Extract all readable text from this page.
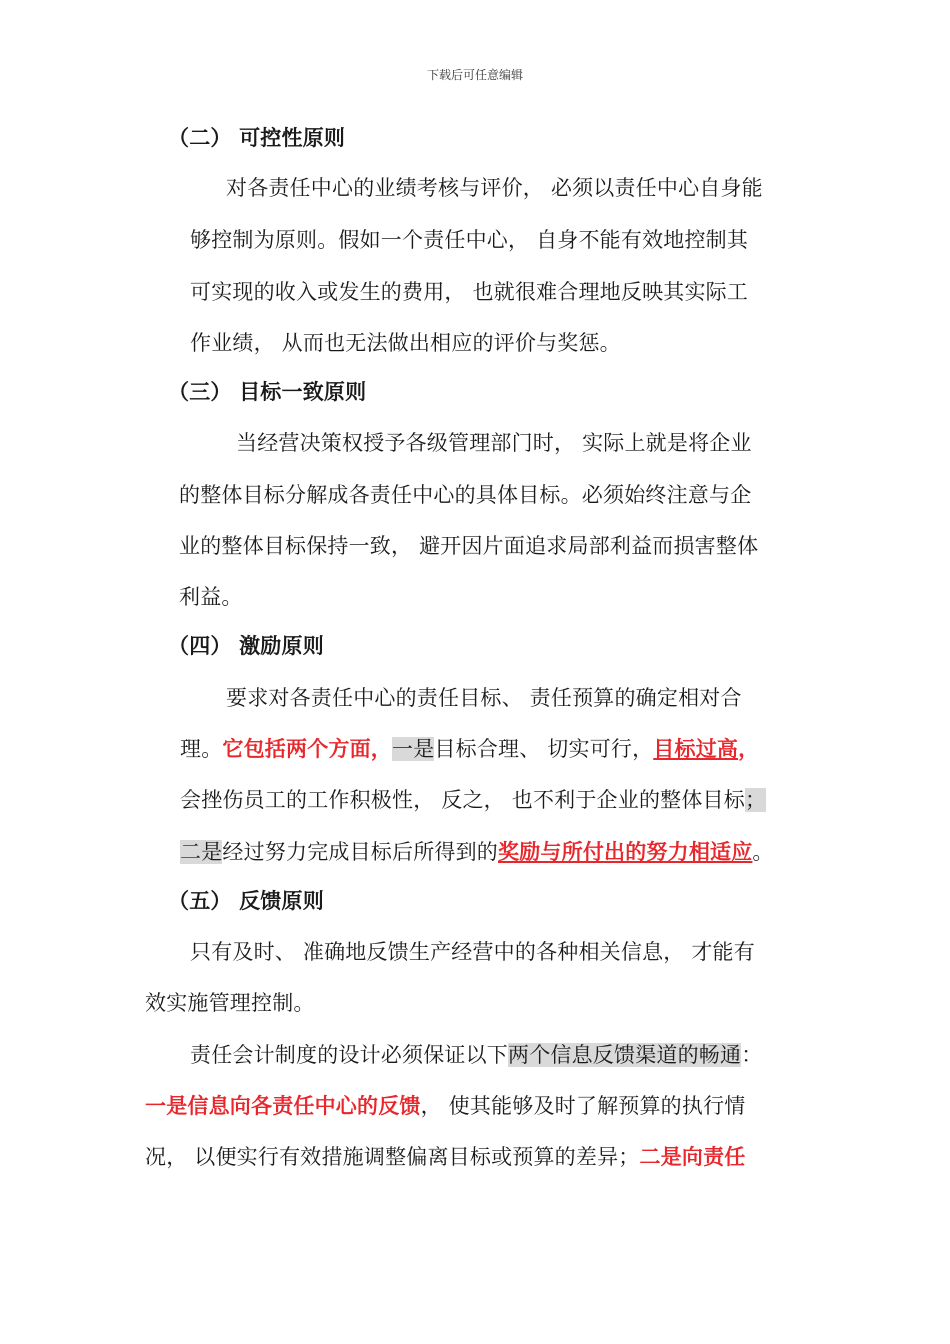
下载后可任意编辑
（二） 可控性原则
对各责任中心的业绩考核与评价， 必须以责任中心自身能
够控制为原则。假如一个责任中心， 自身不能有效地控制其
可实现的收入或发生的费用， 也就很难合理地反映其实际工
作业绩， 从而也无法做出相应的评价与奖惩。
（三） 目标一致原则
当经营决策权授予各级管理部门时， 实际上就是将企业
的整体目标分解成各责任中心的具体目标。必须始终注意与企
业的整体目标保持一致， 避开因片面追求局部利益而损害整体
利益。
（四） 激励原则
要求对各责任中心的责任目标、 责任预算的确定相对合
理。它包括两个方面，一是目标合理、 切实可行，目标过高，
会挫伤员工的工作积极性， 反之， 也不利于企业的整体目标；
二是经过努力完成目标后所得到的奖励与所付出的努力相适应。
（五） 反馈原则
只有及时、 准确地反馈生产经营中的各种相关信息， 才能有
效实施管理控制。
责任会计制度的设计必须保证以下两个信息反馈渠道的畅通：
一是信息向各责任中心的反馈， 使其能够及时了解预算的执行情
况， 以便实行有效措施调整偏离目标或预算的差异；二是向责任
